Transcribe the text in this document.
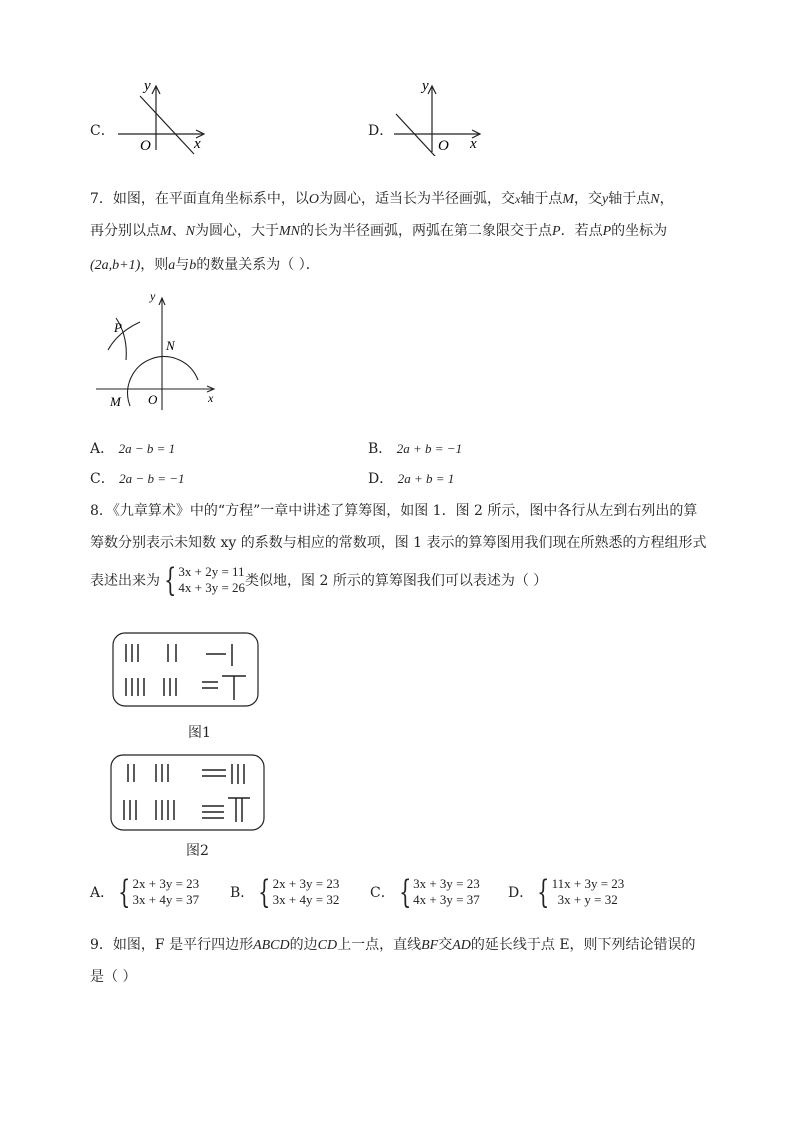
C．
y
x
O
D．
y
x
O
7．如图，在平面直角坐标系中，以O为圆心，适当长为半径画弧，交x轴于点M，交y轴于点N，
再分别以点M、N为圆心，大于MN的长为半径画弧，两弧在第二象限交于点P．若点P的坐标为
(2a,b+1)，则a与b的数量关系为（ ）．
y
x
P
N
M O
A． 2a − b = 1	B． 2a + b = −1
C． 2a − b = −1	D． 2a + b = 1
8．《九章算术》中的“方程”一章中讲述了算筹图，如图 1．图 2 所示，图中各行从左到右列出的算
筹数分别表示未知数 xy 的系数与相应的常数项，图 1 表示的算筹图用我们现在所熟悉的方程组形式
表述出来为 { 3x + 2y = 11
4x + 3y = 26 类似地，图 2 所示的算筹图我们可以表述为（ ）
图1
图2
A． { 2x + 3y = 23
3x + 4y = 37 B． { 2x + 3y = 23
3x + 4y = 32 C． { 3x + 3y = 23
4x + 3y = 37 D． { 11x + 3y = 23
3x + y = 32
9．如图，F 是平行四边形ABCD的边CD上一点，直线BF交AD的延长线于点 E，则下列结论错误的
是（ ）
